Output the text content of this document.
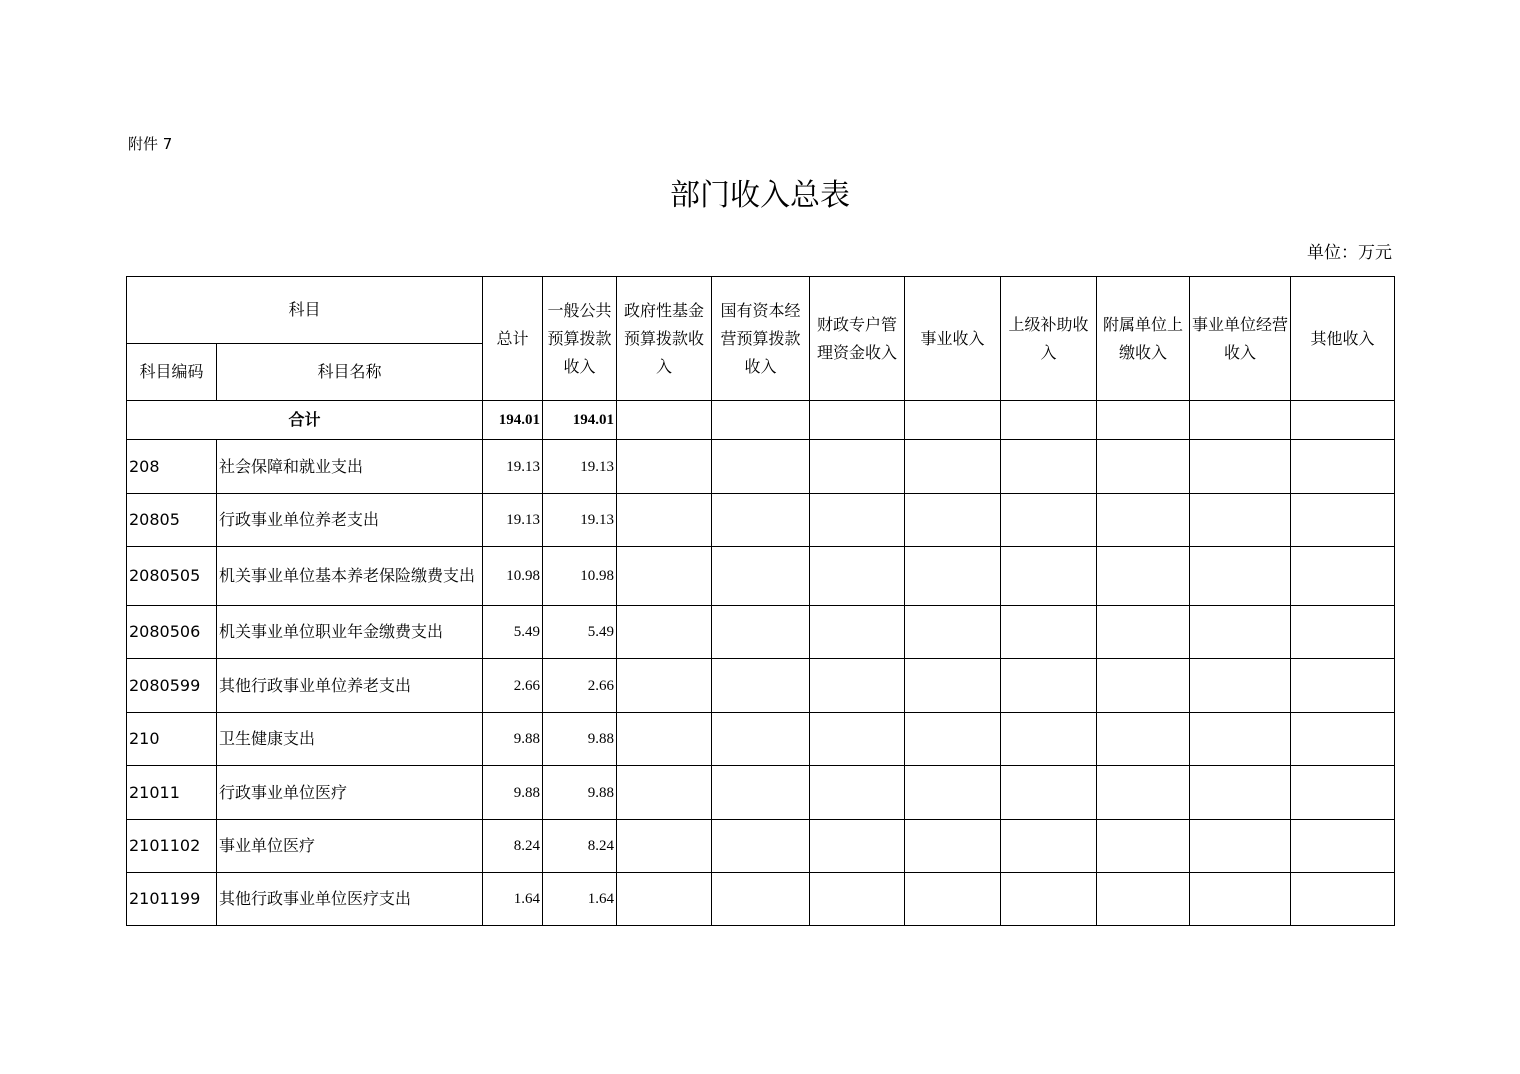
附件 7
部门收入总表
单位：万元
科目		总计	一般公共预算拨款收入	政府性基金预算拨款收入	国有资本经营预算拨款收入	财政专户管理资金收入	事业收入	上级补助收入	附属单位上缴收入	事业单位经营收入	其他收入
科目编码	科目名称										
合计		194.01	194.01								
208	社会保障和就业支出	19.13	19.13								
20805	行政事业单位养老支出	19.13	19.13								
2080505	机关事业单位基本养老保险缴费支出	10.98	10.98								
2080506	机关事业单位职业年金缴费支出	5.49	5.49								
2080599	其他行政事业单位养老支出	2.66	2.66								
210	卫生健康支出	9.88	9.88								
21011	行政事业单位医疗	9.88	9.88								
2101102	事业单位医疗	8.24	8.24								
2101199	其他行政事业单位医疗支出	1.64	1.64								
